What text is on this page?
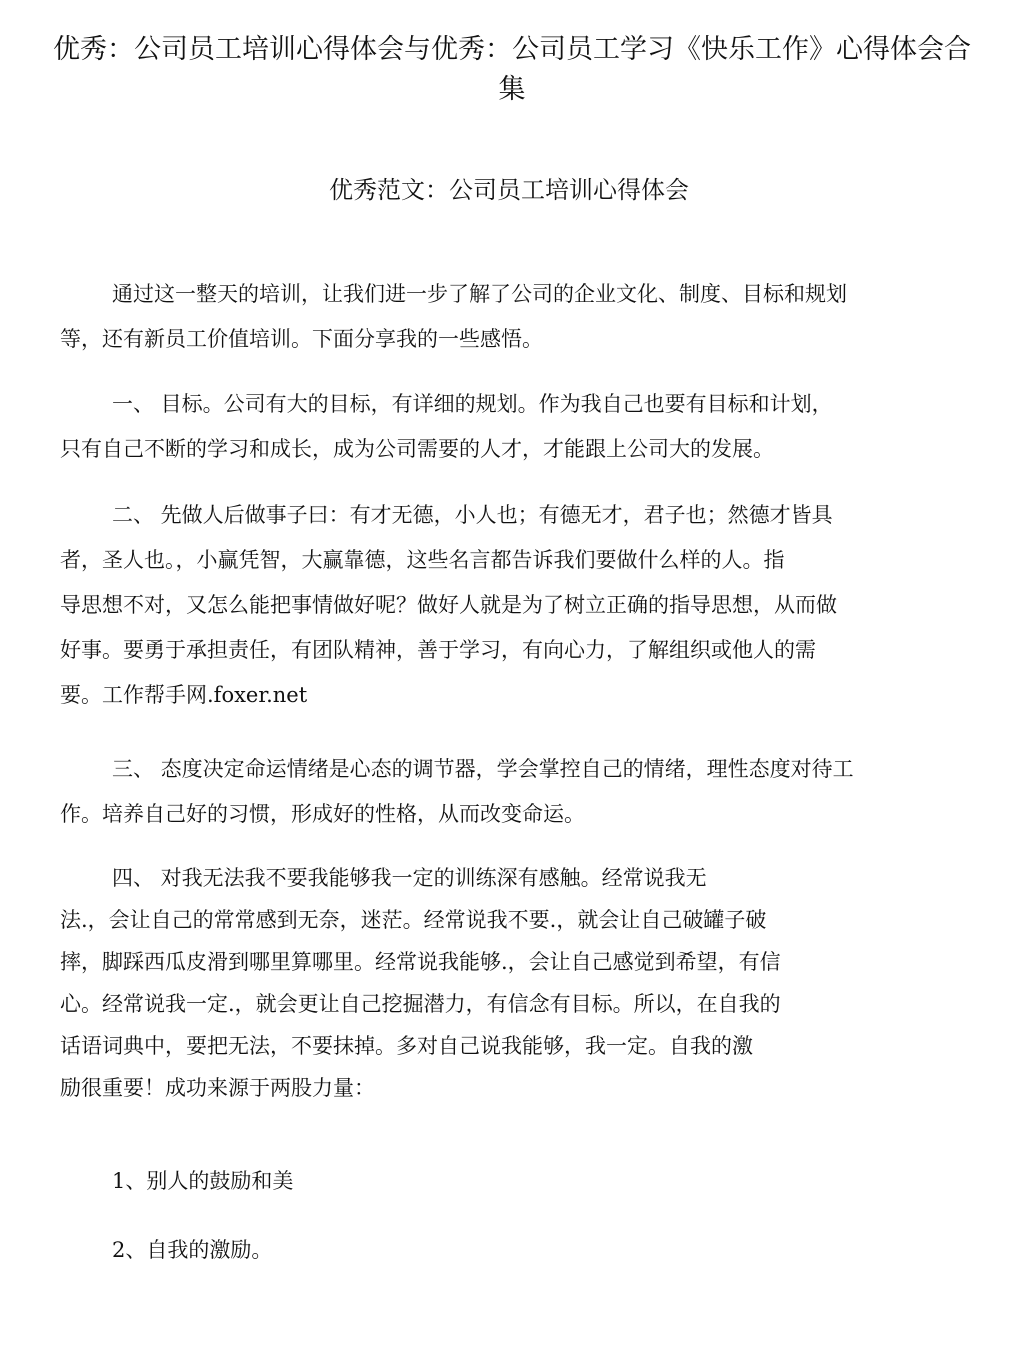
优秀：公司员工培训心得体会与优秀：公司员工学习《快乐工作》心得体会合集
优秀范文：公司员工培训心得体会
通过这一整天的培训，让我们进一步了解了公司的企业文化、制度、目标和规划
等，还有新员工价值培训。下面分享我的一些感悟。
一、 目标。公司有大的目标，有详细的规划。作为我自己也要有目标和计划，
只有自己不断的学习和成长，成为公司需要的人才，才能跟上公司大的发展。
二、 先做人后做事子曰：有才无德，小人也；有德无才，君子也；然德才皆具
者，圣人也。，小赢凭智，大赢靠德，这些名言都告诉我们要做什么样的人。指
导思想不对，又怎么能把事情做好呢？做好人就是为了树立正确的指导思想，从而做
好事。要勇于承担责任，有团队精神，善于学习，有向心力，了解组织或他人的需
要。工作帮手网.foxer.net
三、 态度决定命运情绪是心态的调节器，学会掌控自己的情绪，理性态度对待工
作。培养自己好的习惯，形成好的性格，从而改变命运。
四、 对我无法我不要我能够我一定的训练深有感触。经常说我无
法.，会让自己的常常感到无奈，迷茫。经常说我不要.，就会让自己破罐子破
摔，脚踩西瓜皮滑到哪里算哪里。经常说我能够.，会让自己感觉到希望，有信
心。经常说我一定.，就会更让自己挖掘潜力，有信念有目标。所以，在自我的
话语词典中，要把无法，不要抹掉。多对自己说我能够，我一定。自我的激
励很重要！成功来源于两股力量：

1、别人的鼓励和美

2、自我的激励。
